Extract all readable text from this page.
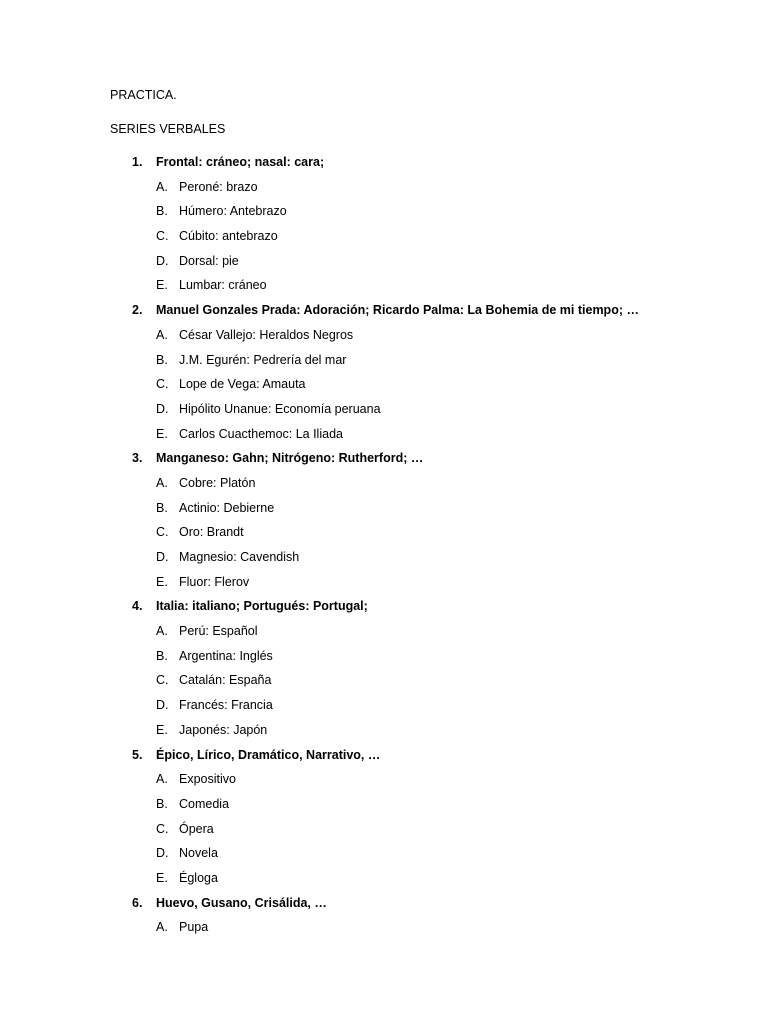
PRACTICA.
SERIES VERBALES
1. Frontal: cráneo; nasal: cara;
A. Peroné: brazo
B. Húmero: Antebrazo
C. Cúbito: antebrazo
D. Dorsal: pie
E. Lumbar: cráneo
2. Manuel Gonzales Prada: Adoración; Ricardo Palma: La Bohemia de mi tiempo; …
A. César Vallejo: Heraldos Negros
B. J.M. Egurén: Pedrería del mar
C. Lope de Vega: Amauta
D. Hipólito Unanue: Economía peruana
E. Carlos Cuacthemoc: La Iliada
3. Manganeso: Gahn; Nitrógeno: Rutherford; …
A. Cobre: Platón
B. Actinio: Debierne
C. Oro: Brandt
D. Magnesio: Cavendish
E. Fluor: Flerov
4. Italia: italiano; Portugués: Portugal;
A. Perú: Español
B. Argentina: Inglés
C. Catalán: España
D. Francés: Francia
E. Japonés: Japón
5. Épico, Lírico, Dramático, Narrativo, …
A. Expositivo
B. Comedia
C. Ópera
D. Novela
E. Égloga
6. Huevo, Gusano, Crisálida, …
A. Pupa
